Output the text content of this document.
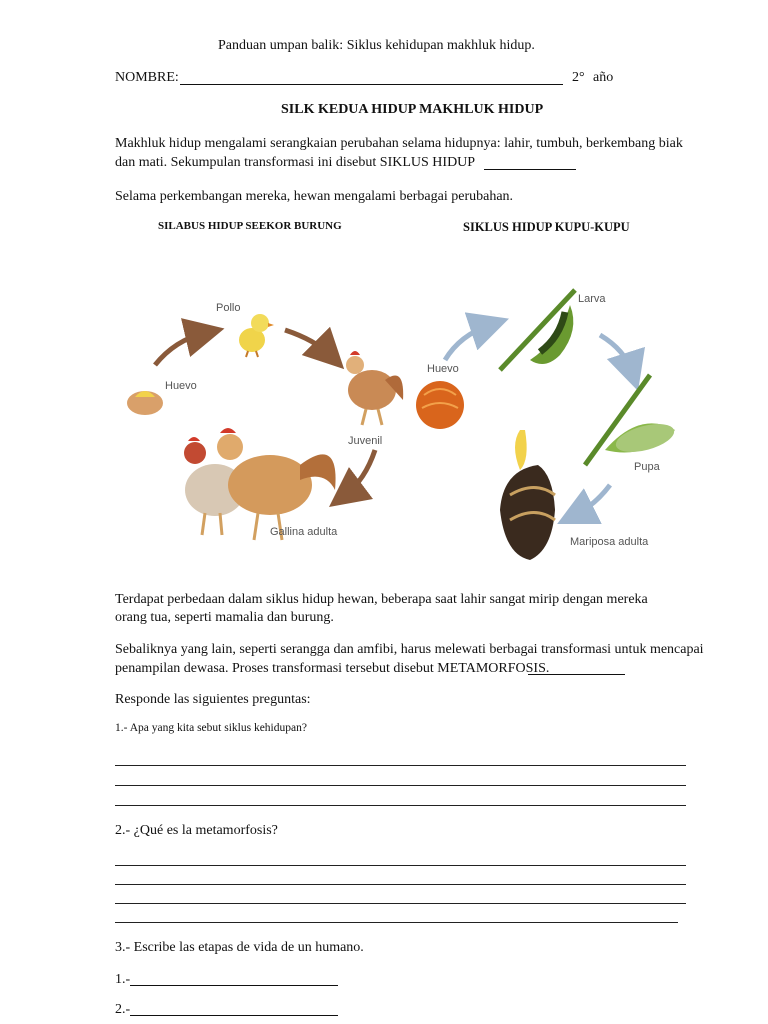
Panduan umpan balik: Siklus kehidupan makhluk hidup.
NOMBRE:	2° año
SILK KEDUA HIDUP MAKHLUK HIDUP
Makhluk hidup mengalami serangkaian perubahan selama hidupnya: lahir, tumbuh, berkembang biak
dan mati. Sekumpulan transformasi ini disebut SIKLUS HIDUP
Selama perkembangan mereka, hewan mengalami berbagai perubahan.
SILABUS HIDUP SEEKOR BURUNG	SIKLUS HIDUP KUPU-KUPU
Pollo
Huevo
Juvenil
Gallina adulta
Larva
Huevo
Pupa
Mariposa adulta
Terdapat perbedaan dalam siklus hidup hewan, beberapa saat lahir sangat mirip dengan mereka
orang tua, seperti mamalia dan burung.
Sebaliknya yang lain, seperti serangga dan amfibi, harus melewati berbagai transformasi untuk mencapai
penampilan dewasa. Proses transformasi tersebut disebut METAMORFOSIS.
Responde las siguientes preguntas:
1.- Apa yang kita sebut siklus kehidupan?
2.- ¿Qué es la metamorfosis?
3.- Escribe las etapas de vida de un humano.
1.-
2.-
